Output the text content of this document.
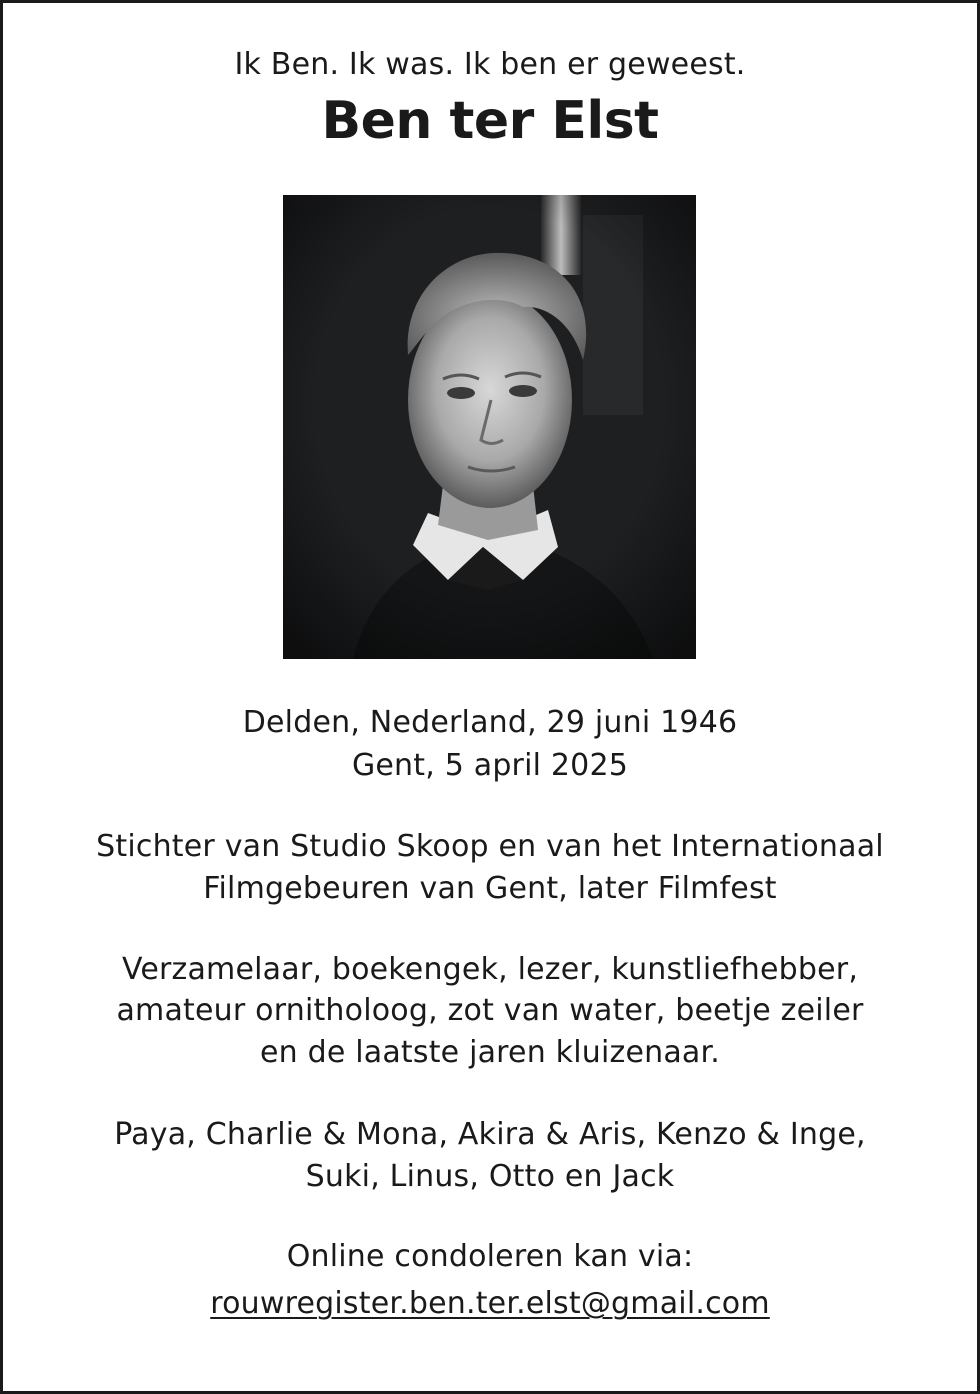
Ik Ben. Ik was. Ik ben er geweest.
Ben ter Elst
Delden, Nederland, 29 juni 1946
Gent, 5 april 2025
Stichter van Studio Skoop en van het Internationaal
Filmgebeuren van Gent, later Filmfest
Verzamelaar, boekengek, lezer, kunstliefhebber,
amateur ornitholoog, zot van water, beetje zeiler
en de laatste jaren kluizenaar.
Paya, Charlie & Mona, Akira & Aris, Kenzo & Inge,
Suki, Linus, Otto en Jack
Online condoleren kan via:
rouwregister.ben.ter.elst@gmail.com
